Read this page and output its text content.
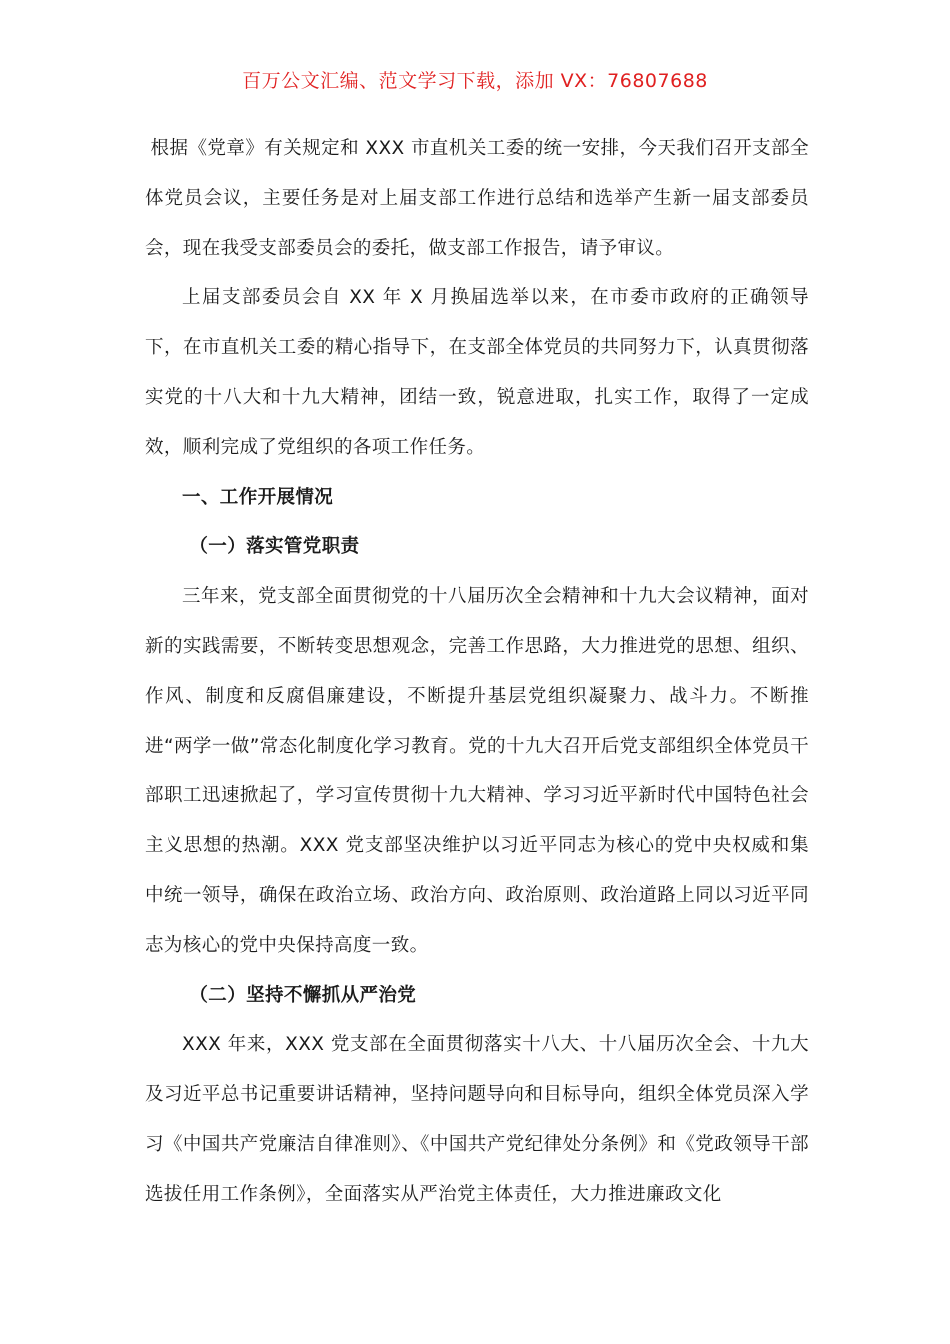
百万公文汇编、范文学习下载，添加 VX：76807688

根据《党章》有关规定和 XXX 市直机关工委的统一安排，今天我们召开支部全体党员会议，主要任务是对上届支部工作进行总结和选举产生新一届支部委员会，现在我受支部委员会的委托，做支部工作报告，请予审议。

上届支部委员会自 XX 年 X 月换届选举以来，在市委市政府的正确领导下，在市直机关工委的精心指导下，在支部全体党员的共同努力下，认真贯彻落实党的十八大和十九大精神，团结一致，锐意进取，扎实工作，取得了一定成效，顺利完成了党组织的各项工作任务。

一、工作开展情况
（一）落实管党职责

三年来，党支部全面贯彻党的十八届历次全会精神和十九大会议精神，面对新的实践需要，不断转变思想观念，完善工作思路，大力推进党的思想、组织、作风、制度和反腐倡廉建设，不断提升基层党组织凝聚力、战斗力。不断推进“两学一做”常态化制度化学习教育。党的十九大召开后党支部组织全体党员干部职工迅速掀起了，学习宣传贯彻十九大精神、学习习近平新时代中国特色社会主义思想的热潮。XXX 党支部坚决维护以习近平同志为核心的党中央权威和集中统一领导，确保在政治立场、政治方向、政治原则、政治道路上同以习近平同志为核心的党中央保持高度一致。

（二）坚持不懈抓从严治党

XXX 年来，XXX 党支部在全面贯彻落实十八大、十八届历次全会、十九大及习近平总书记重要讲话精神，坚持问题导向和目标导向，组织全体党员深入学习《中国共产党廉洁自律准则》、《中国共产党纪律处分条例》和《党政领导干部选拔任用工作条例》，全面落实从严治党主体责任，大力推进廉政文化
